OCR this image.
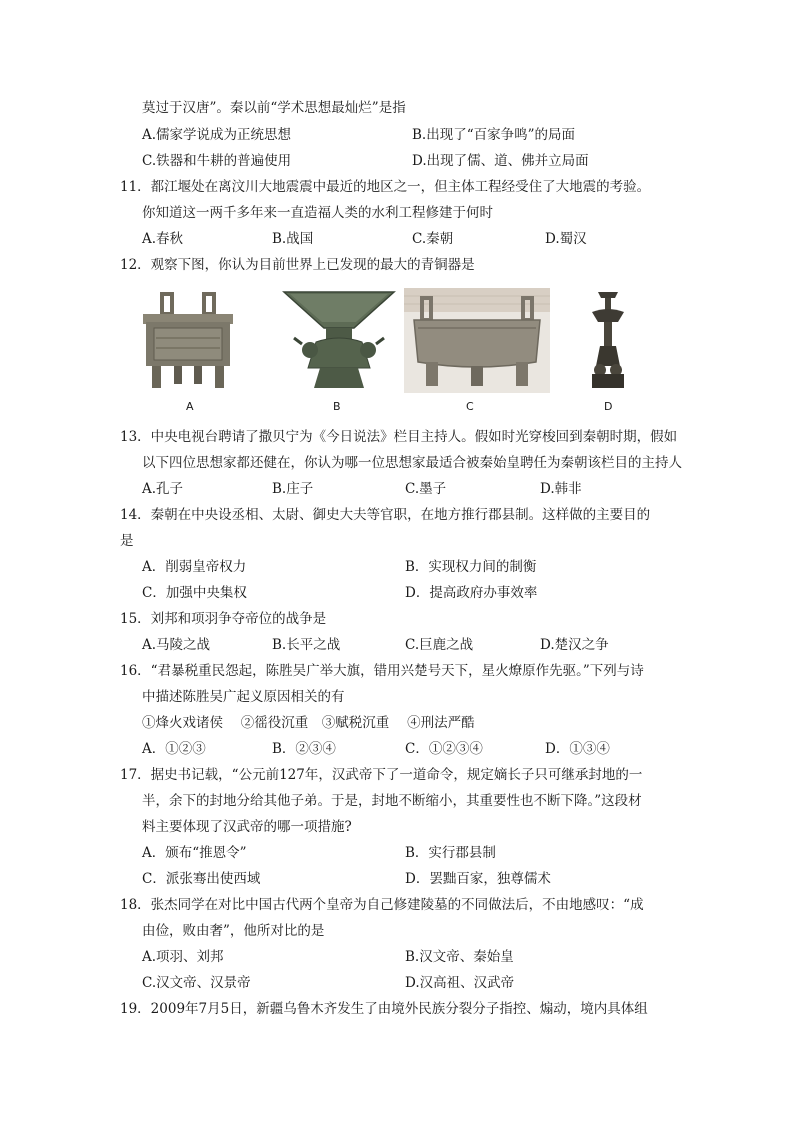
莫过于汉唐”。秦以前“学术思想最灿烂”是指
A.儒家学说成为正统思想	B.出现了“百家争鸣”的局面
C.铁器和牛耕的普遍使用	D.出现了儒、道、佛并立局面
11．都江堰处在离汶川大地震震中最近的地区之一，但主体工程经受住了大地震的考验。
你知道这一两千多年来一直造福人类的水利工程修建于何时
A.春秋	B.战国	C.秦朝	D.蜀汉
12．观察下图，你认为目前世界上已发现的最大的青铜器是
A	B	C	D
13．中央电视台聘请了撒贝宁为《今日说法》栏目主持人。假如时光穿梭回到秦朝时期，假如
以下四位思想家都还健在，你认为哪一位思想家最适合被秦始皇聘任为秦朝该栏目的主持人
A.孔子	B.庄子	C.墨子	D.韩非
14．秦朝在中央设丞相、太尉、御史大夫等官职，在地方推行郡县制。这样做的主要目的
是
A．削弱皇帝权力	B．实现权力间的制衡
C．加强中央集权	D．提高政府办事效率
15．刘邦和项羽争夺帝位的战争是
A.马陵之战	B.长平之战	C.巨鹿之战	D.楚汉之争
16．“君暴税重民怨起，陈胜吴广举大旗，错用兴楚号天下，星火燎原作先驱。”下列与诗
中描述陈胜吴广起义原因相关的有
①烽火戏诸侯　 ②徭役沉重　③赋税沉重　 ④刑法严酷
A．①②③	B．②③④	C．①②③④	D．①③④
17．据史书记载，“公元前127年，汉武帝下了一道命令，规定嫡长子只可继承封地的一
半，余下的封地分给其他子弟。于是，封地不断缩小，其重要性也不断下降。”这段材
料主要体现了汉武帝的哪一项措施?
A．颁布“推恩令”	B．实行郡县制
C．派张骞出使西域	D．罢黜百家，独尊儒术
18．张杰同学在对比中国古代两个皇帝为自己修建陵墓的不同做法后，不由地感叹：“成
由俭，败由奢”，他所对比的是
A.项羽、刘邦	B.汉文帝、秦始皇
C.汉文帝、汉景帝	D.汉高祖、汉武帝
19．2009年7月5日，新疆乌鲁木齐发生了由境外民族分裂分子指控、煽动，境内具体组
